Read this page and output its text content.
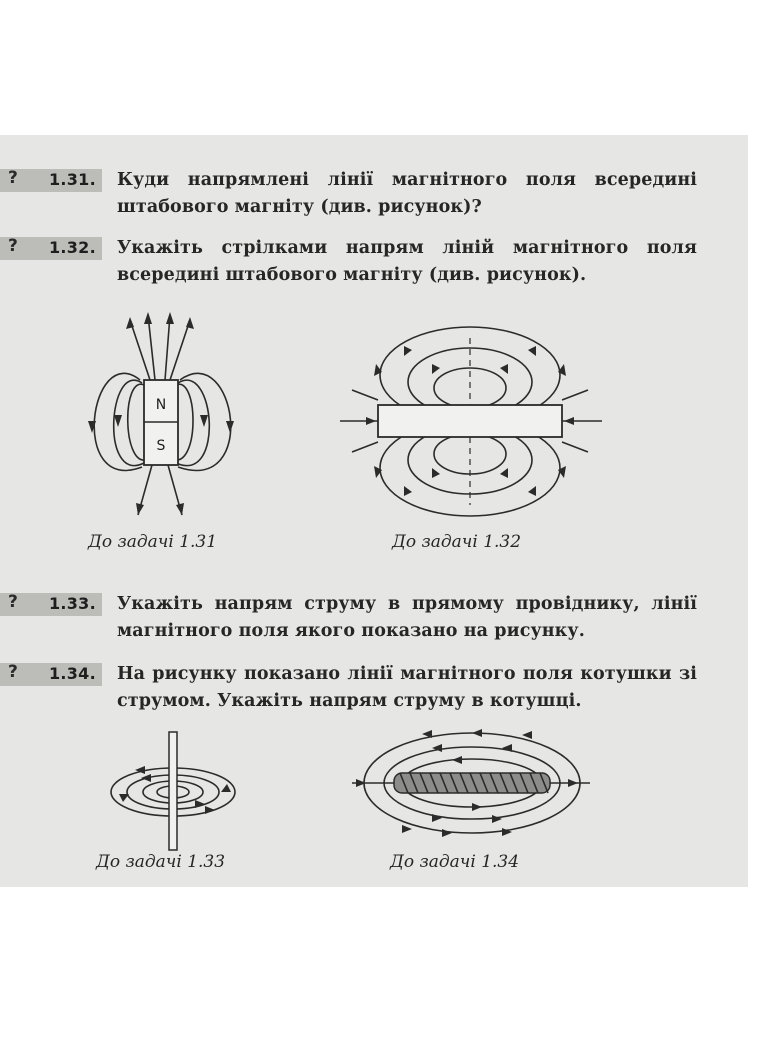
? 1.31. Куди напрямлені лінії магнітного поля всередині штабового магніту (див. рисунок)?
? 1.32. Укажіть стрілками напрям ліній магнітного поля всередині штабового магніту (див. рисунок).
N
S
До задачі 1.31	До задачі 1.32
? 1.33. Укажіть напрям струму в прямому провіднику, лінії магнітного поля якого показано на рисунку.
? 1.34. На рисунку показано лінії магнітного поля котушки зі струмом. Укажіть напрям струму в котушці.
До задачі 1.33	До задачі 1.34
